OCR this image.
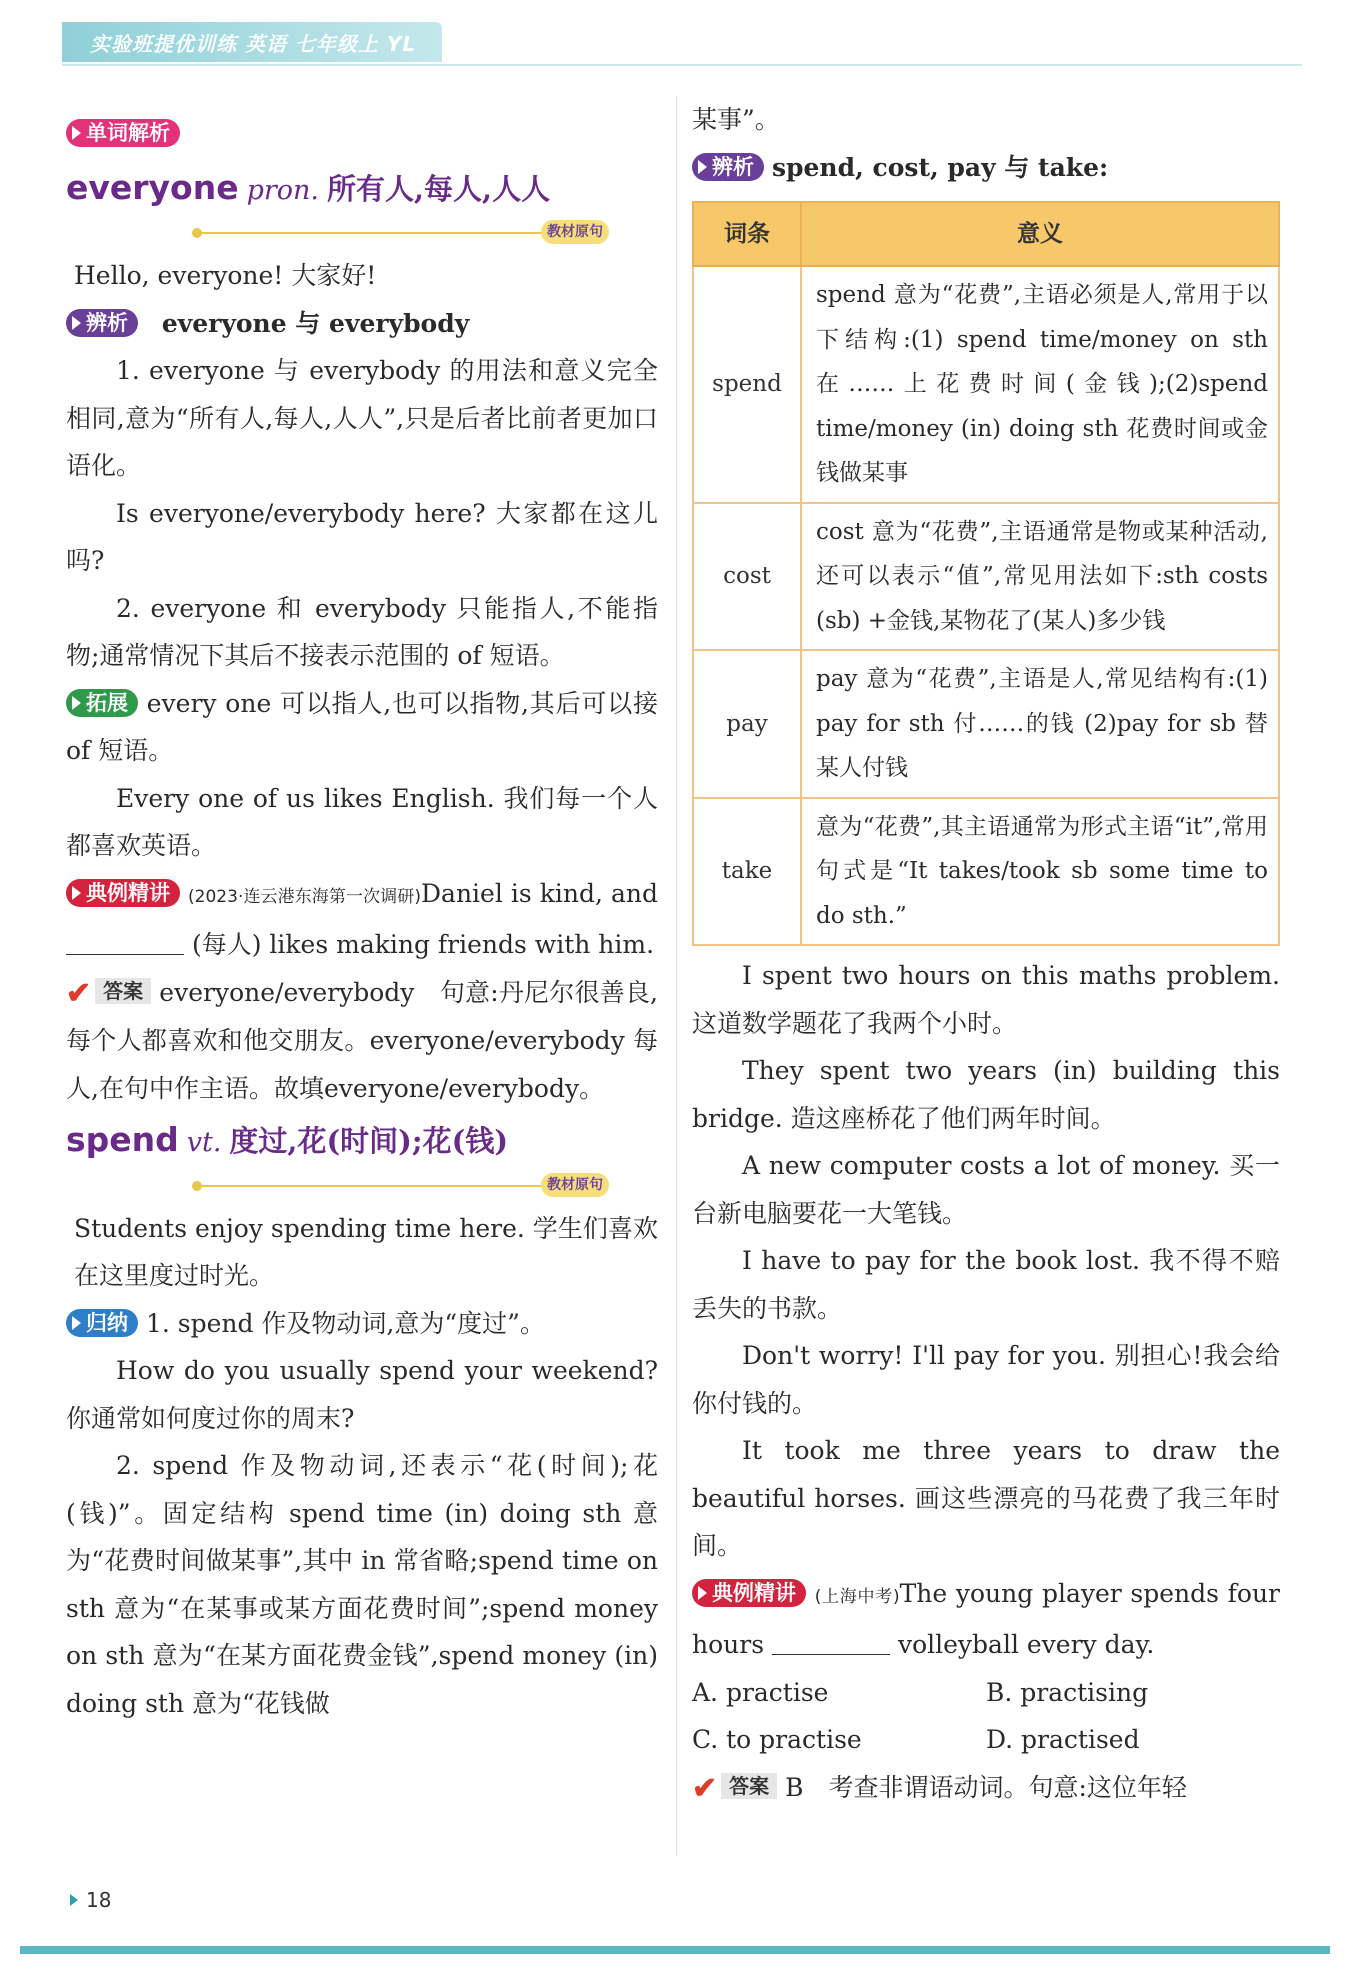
实验班提优训练 英语 七年级上 YL

单词解析

everyone pron. 所有人,每人,人人

教材原句

Hello, everyone! 大家好!

辨析 everyone 与 everybody

1. everyone 与 everybody 的用法和意义完全相同,意为“所有人,每人,人人”,只是后者比前者更加口语化。

Is everyone/everybody here? 大家都在这儿吗?

2. everyone 和 everybody 只能指人,不能指物;通常情况下其后不接表示范围的 of 短语。

拓展 every one 可以指人,也可以指物,其后可以接 of 短语。

Every one of us likes English. 我们每一个人都喜欢英语。

典例精讲 (2023·连云港东海第一次调研)Daniel is kind, and  (每人) likes making friends with him.

✔ 答案 everyone/everybody　句意:丹尼尔很善良,每个人都喜欢和他交朋友。everyone/everybody 每人,在句中作主语。故填everyone/everybody。

spend vt. 度过,花(时间);花(钱)

教材原句

Students enjoy spending time here. 学生们喜欢在这里度过时光。

归纳 1. spend 作及物动词,意为“度过”。

How do you usually spend your weekend? 你通常如何度过你的周末?

2. spend 作及物动词,还表示“花(时间);花(钱)”。固定结构 spend time (in) doing sth 意为“花费时间做某事”,其中 in 常省略;spend time on sth 意为“在某事或某方面花费时间”;spend money on sth 意为“在某方面花费金钱”,spend money (in) doing sth 意为“花钱做

某事”。

辨析 spend, cost, pay 与 take:

词条	意义
spend	spend 意为“花费”,主语必须是人,常用于以下结构:(1) spend time/money on sth 在……上花费时间(金钱);(2)spend time/money (in) doing sth 花费时间或金钱做某事
cost	cost 意为“花费”,主语通常是物或某种活动,还可以表示“值”,常见用法如下:sth costs (sb) +金钱,某物花了(某人)多少钱
pay	pay 意为“花费”,主语是人,常见结构有:(1) pay for sth 付……的钱 (2)pay for sb 替某人付钱
take	意为“花费”,其主语通常为形式主语“it”,常用句式是“It takes/took sb some time to do sth.”

I spent two hours on this maths problem. 这道数学题花了我两个小时。

They spent two years (in) building this bridge. 造这座桥花了他们两年时间。

A new computer costs a lot of money. 买一台新电脑要花一大笔钱。

I have to pay for the book lost. 我不得不赔丢失的书款。

Don't worry! I'll pay for you. 别担心!我会给你付钱的。

It took me three years to draw the beautiful horses. 画这些漂亮的马花费了我三年时间。

典例精讲 (上海中考)The young player spends four hours	volleyball every day.

A. practise	B. practising
C. to practise	D. practised

✔ 答案 B　考查非谓语动词。句意:这位年轻

18
